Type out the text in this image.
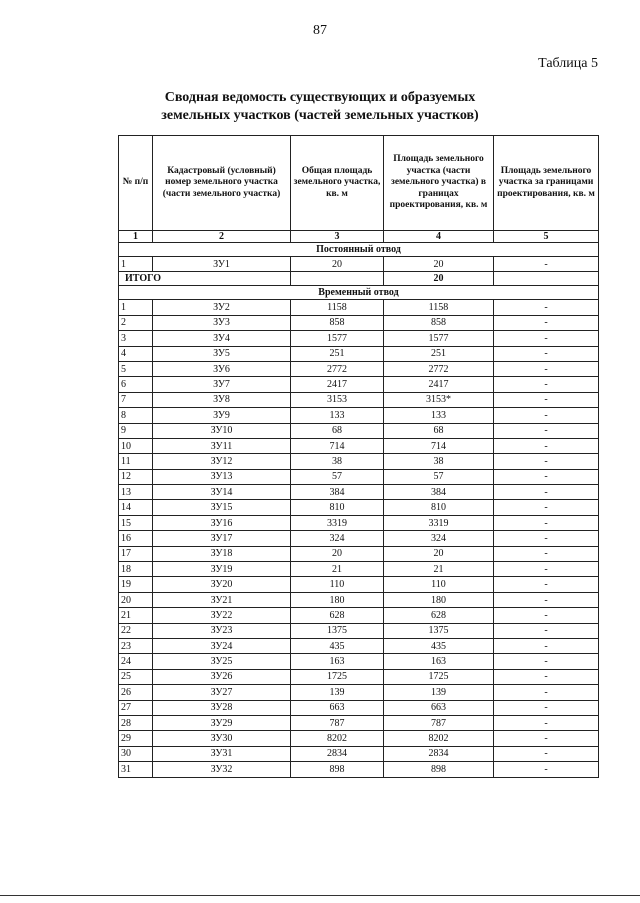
87
Таблица 5
Сводная ведомость существующих и образуемых
земельных участков (частей земельных участков)
№ п/п	Кадастровый (условный) номер земельного участка (части земельного участка)	Общая площадь земельного участка, кв. м	Площадь земельного участка (части земельного участка) в границах проектирования, кв. м	Площадь земельного участка за границами проектирования, кв. м
1	2	3	4	5
Постоянный отвод				
1	ЗУ1	20	20	-
ИТОГО			20	
Временный отвод				
1	ЗУ2	1158	1158	-
2	ЗУ3	858	858	-
3	ЗУ4	1577	1577	-
4	ЗУ5	251	251	-
5	ЗУ6	2772	2772	-
6	ЗУ7	2417	2417	-
7	ЗУ8	3153	3153*	-
8	ЗУ9	133	133	-
9	ЗУ10	68	68	-
10	ЗУ11	714	714	-
11	ЗУ12	38	38	-
12	ЗУ13	57	57	-
13	ЗУ14	384	384	-
14	ЗУ15	810	810	-
15	ЗУ16	3319	3319	-
16	ЗУ17	324	324	-
17	ЗУ18	20	20	-
18	ЗУ19	21	21	-
19	ЗУ20	110	110	-
20	ЗУ21	180	180	-
21	ЗУ22	628	628	-
22	ЗУ23	1375	1375	-
23	ЗУ24	435	435	-
24	ЗУ25	163	163	-
25	ЗУ26	1725	1725	-
26	ЗУ27	139	139	-
27	ЗУ28	663	663	-
28	ЗУ29	787	787	-
29	ЗУ30	8202	8202	-
30	ЗУ31	2834	2834	-
31	ЗУ32	898	898	-
